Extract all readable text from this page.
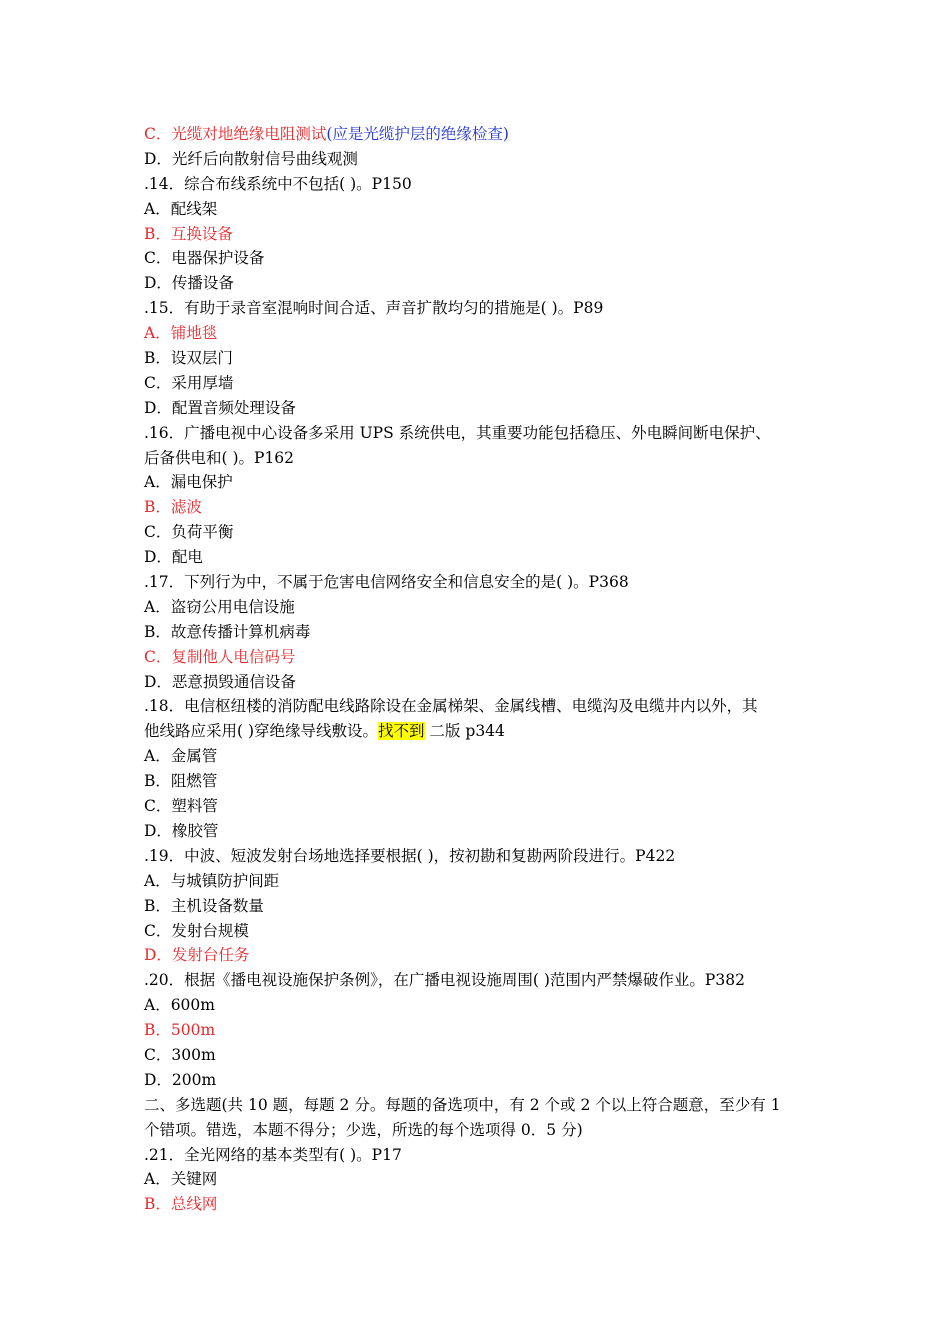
C．光缆对地绝缘电阻测试(应是光缆护层的绝缘检查)
D．光纤后向散射信号曲线观测
.14．综合布线系统中不包括( )。P150
A．配线架
B．互换设备
C．电器保护设备
D．传播设备
.15．有助于录音室混响时间合适、声音扩散均匀的措施是( )。P89
A．铺地毯
B．设双层门
C．采用厚墙
D．配置音频处理设备
.16．广播电视中心设备多采用 UPS 系统供电，其重要功能包括稳压、外电瞬间断电保护、
后备供电和( )。P162
A．漏电保护
B．滤波
C．负荷平衡
D．配电
.17．下列行为中，不属于危害电信网络安全和信息安全的是( )。P368
A．盗窃公用电信设施
B．故意传播计算机病毒
C．复制他人电信码号
D．恶意损毁通信设备
.18．电信枢纽楼的消防配电线路除设在金属梯架、金属线槽、电缆沟及电缆井内以外，其
他线路应采用( )穿绝缘导线敷设。找不到 二版 p344
A．金属管
B．阻燃管
C．塑料管
D．橡胶管
.19．中波、短波发射台场地选择要根据( )，按初勘和复勘两阶段进行。P422
A．与城镇防护间距
B．主机设备数量
C．发射台规模
D．发射台任务
.20．根据《播电视设施保护条例》，在广播电视设施周围( )范围内严禁爆破作业。P382
A．600m
B．500m
C．300m
D．200m
二、多选题(共 10 题，每题 2 分。每题的备选项中，有 2 个或 2 个以上符合题意，至少有 1
个错项。错选，本题不得分；少选，所选的每个选项得 0．5 分)
.21．全光网络的基本类型有( )。P17
A．关键网
B．总线网
